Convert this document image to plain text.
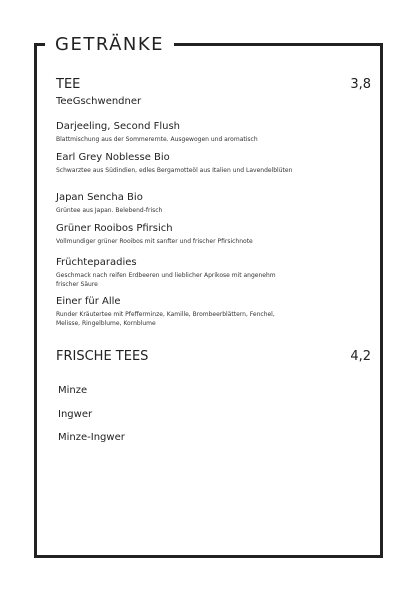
GETRÄNKE
TEE	3,8
TeeGschwendner
Darjeeling, Second Flush
Blattmischung aus der Sommerernte. Ausgewogen und aromatisch
Earl Grey Noblesse Bio
Schwarztee aus Südindien, edles Bergamotteöl aus Italien und Lavendelblüten
Japan Sencha Bio
Grüntee aus Japan. Belebend-frisch
Grüner Rooibos Pfirsich
Vollmundiger grüner Rooibos mit sanfter und frischer Pfirsichnote
Früchteparadies
Geschmack nach reifen Erdbeeren und lieblicher Aprikose mit angenehm frischer Säure
Einer für Alle
Runder Kräutertee mit Pfefferminze, Kamille, Brombeerblättern, Fenchel, Melisse, Ringelblume, Kornblume
FRISCHE TEES	4,2
Minze
Ingwer
Minze-Ingwer
